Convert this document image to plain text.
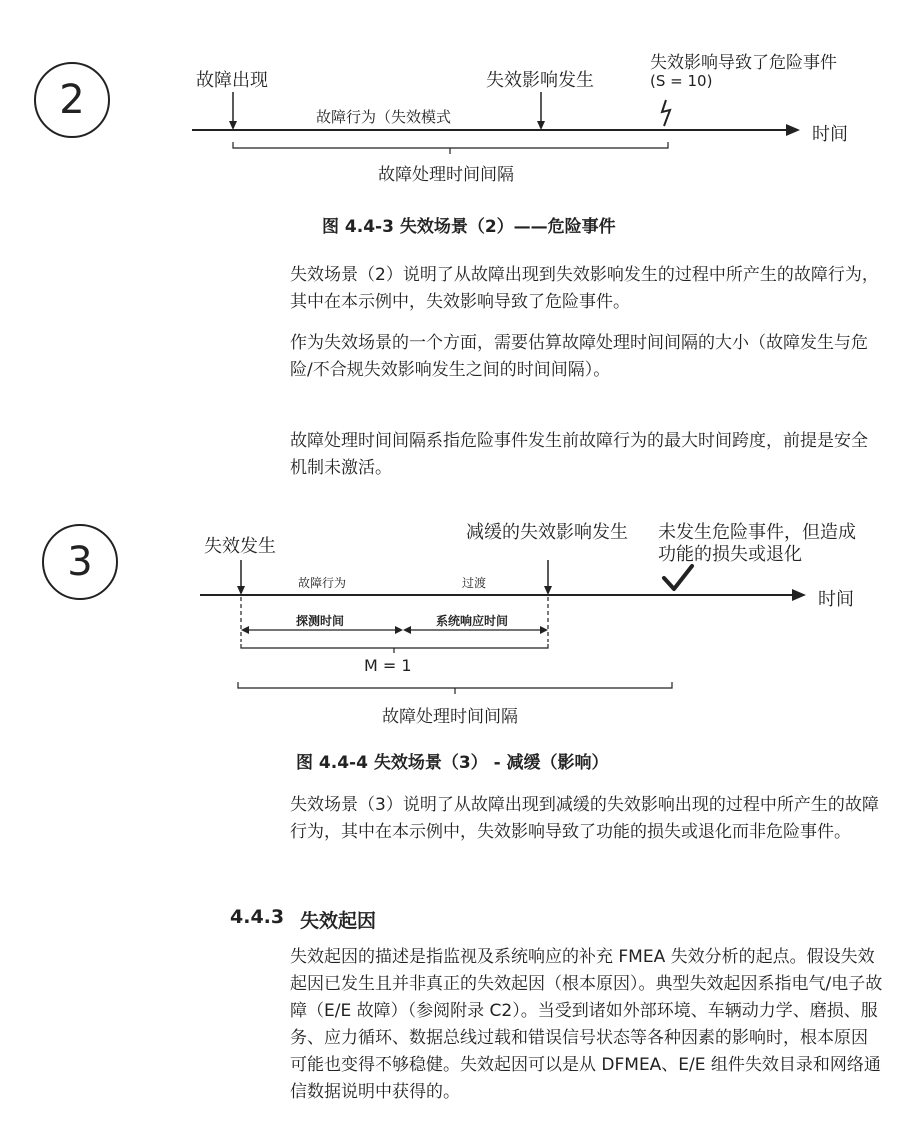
2	故障出现	失效影响发生
失效影响导致了危险事件
(S = 10)
故障行为（失效模式
时间
故障处理时间间隔
图 4.4-3 失效场景（2）——危险事件

失效场景（2）说明了从故障出现到失效影响发生的过程中所产生的故障行为，其中在本示例中，失效影响导致了危险事件。

作为失效场景的一个方面，需要估算故障处理时间间隔的大小（故障发生与危险/不合规失效影响发生之间的时间间隔）。

故障处理时间间隔系指危险事件发生前故障行为的最大时间跨度，前提是安全机制未激活。

3	失效发生
减缓的失效影响发生 未发生危险事件，但造成
功能的损失或退化
故障行为	过渡
探测时间	系统响应时间
M = 1
时间
故障处理时间间隔
图 4.4-4 失效场景（3） - 减缓（影响）

失效场景（3）说明了从故障出现到减缓的失效影响出现的过程中所产生的故障行为，其中在本示例中，失效影响导致了功能的损失或退化而非危险事件。

4.4.3 失效起因

失效起因的描述是指监视及系统响应的补充 FMEA 失效分析的起点。假设失效起因已发生且并非真正的失效起因（根本原因）。典型失效起因系指电气/电子故障（E/E 故障）（参阅附录 C2）。当受到诸如外部环境、车辆动力学、磨损、服务、应力循环、数据总线过载和错误信号状态等各种因素的影响时，根本原因可能也变得不够稳健。失效起因可以是从 DFMEA、E/E 组件失效目录和网络通信数据说明中获得的。
